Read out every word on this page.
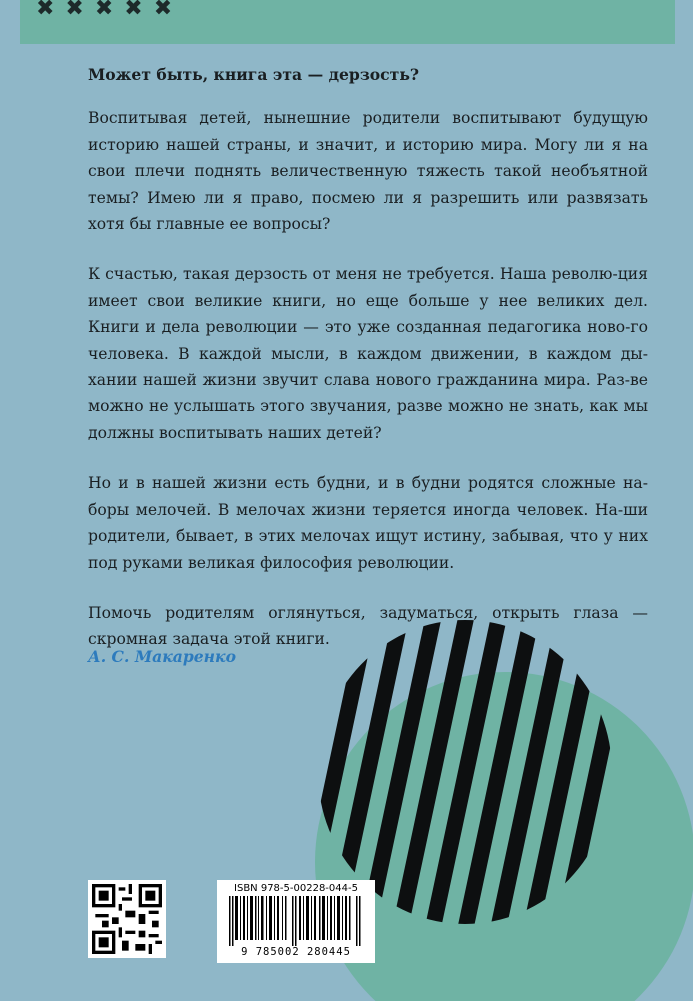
✖✖✖✖✖

Может быть, книга эта — дерзость?

Воспитывая детей, нынешние родители воспитывают будущую историю нашей страны, и значит, и историю мира. Могу ли я на свои плечи поднять величественную тяжесть такой необъятной темы? Имею ли я право, посмею ли я разрешить или развязать хотя бы главные ее вопросы?

К счастью, такая дерзость от меня не требуется. Наша револю-ция имеет свои великие книги, но еще больше у нее великих дел. Книги и дела революции — это уже созданная педагогика ново-го человека. В каждой мысли, в каждом движении, в каждом ды-хании нашей жизни звучит слава нового гражданина мира. Раз-ве можно не услышать этого звучания, разве можно не знать, как мы должны воспитывать наших детей?

Но и в нашей жизни есть будни, и в будни родятся сложные на-боры мелочей. В мелочах жизни теряется иногда человек. На-ши родители, бывает, в этих мелочах ищут истину, забывая, что у них под руками великая философия революции.

Помочь родителям оглянуться, задуматься, открыть глаза — скромная задача этой книги.

А. С. Макаренко
ISBN 978-5-00228-044-5
9 785002 280445
